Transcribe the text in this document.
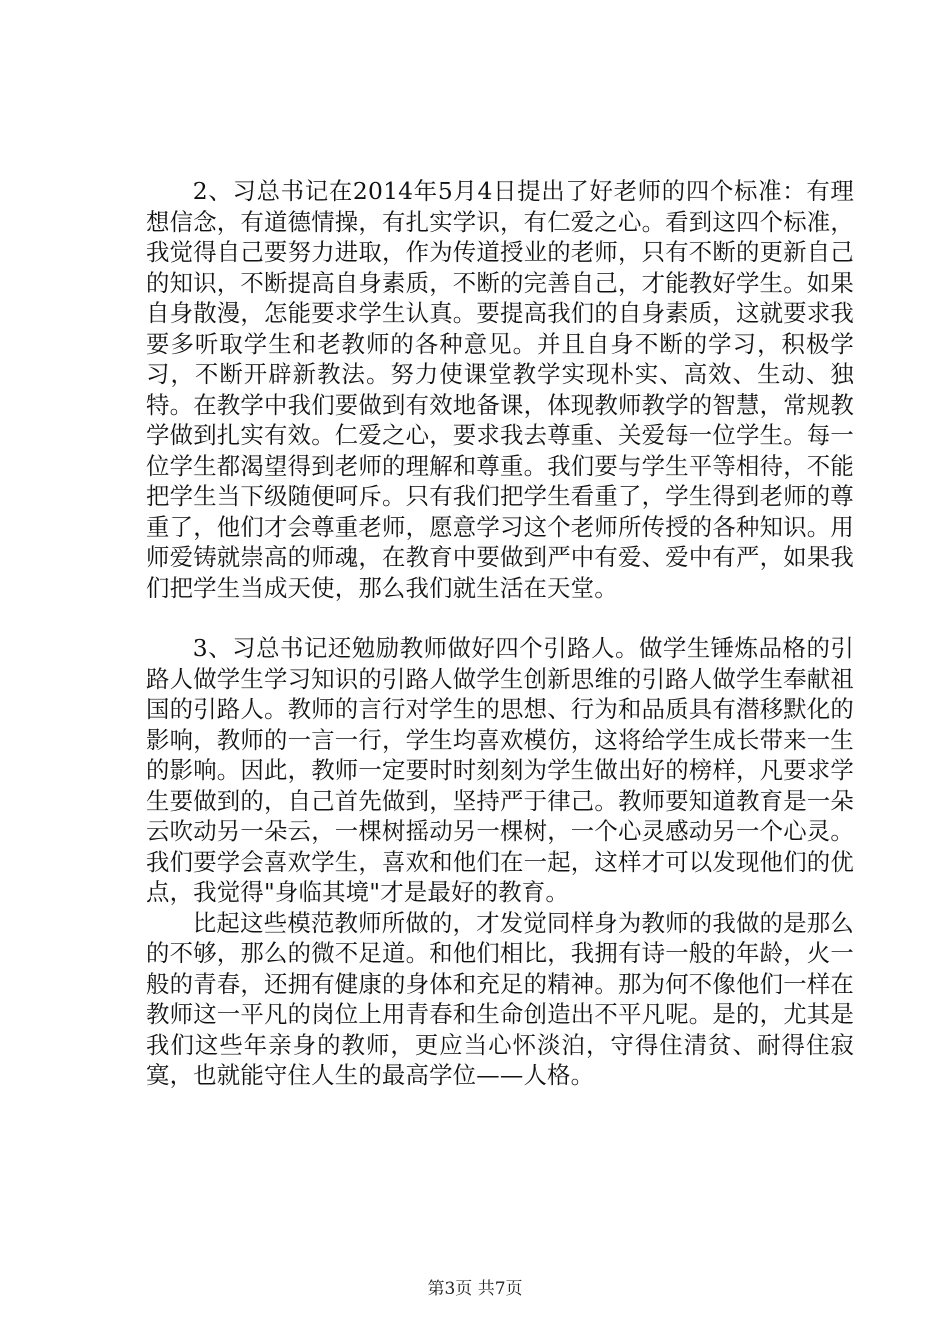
2、习总书记在2014年5月4日提出了好老师的四个标准：有理想信念，有道德情操，有扎实学识，有仁爱之心。看到这四个标准，我觉得自己要努力进取，作为传道授业的老师，只有不断的更新自己的知识，不断提高自身素质，不断的完善自己，才能教好学生。如果自身散漫，怎能要求学生认真。要提高我们的自身素质，这就要求我要多听取学生和老教师的各种意见。并且自身不断的学习，积极学习，不断开辟新教法。努力使课堂教学实现朴实、高效、生动、独特。在教学中我们要做到有效地备课，体现教师教学的智慧，常规教学做到扎实有效。仁爱之心，要求我去尊重、关爱每一位学生。每一位学生都渴望得到老师的理解和尊重。我们要与学生平等相待，不能把学生当下级随便呵斥。只有我们把学生看重了，学生得到老师的尊重了，他们才会尊重老师，愿意学习这个老师所传授的各种知识。用师爱铸就崇高的师魂，在教育中要做到严中有爱、爱中有严，如果我们把学生当成天使，那么我们就生活在天堂。

3、习总书记还勉励教师做好四个引路人。做学生锤炼品格的引路人做学生学习知识的引路人做学生创新思维的引路人做学生奉献祖国的引路人。教师的言行对学生的思想、行为和品质具有潜移默化的影响，教师的一言一行，学生均喜欢模仿，这将给学生成长带来一生的影响。因此，教师一定要时时刻刻为学生做出好的榜样，凡要求学生要做到的，自己首先做到，坚持严于律己。教师要知道教育是一朵云吹动另一朵云，一棵树摇动另一棵树，一个心灵感动另一个心灵。我们要学会喜欢学生，喜欢和他们在一起，这样才可以发现他们的优点，我觉得"身临其境"才是最好的教育。

比起这些模范教师所做的，才发觉同样身为教师的我做的是那么的不够，那么的微不足道。和他们相比，我拥有诗一般的年龄，火一般的青春，还拥有健康的身体和充足的精神。那为何不像他们一样在教师这一平凡的岗位上用青春和生命创造出不平凡呢。是的，尤其是我们这些年亲身的教师，更应当心怀淡泊，守得住清贫、耐得住寂寞，也就能守住人生的最高学位——人格。

第3页 共7页
